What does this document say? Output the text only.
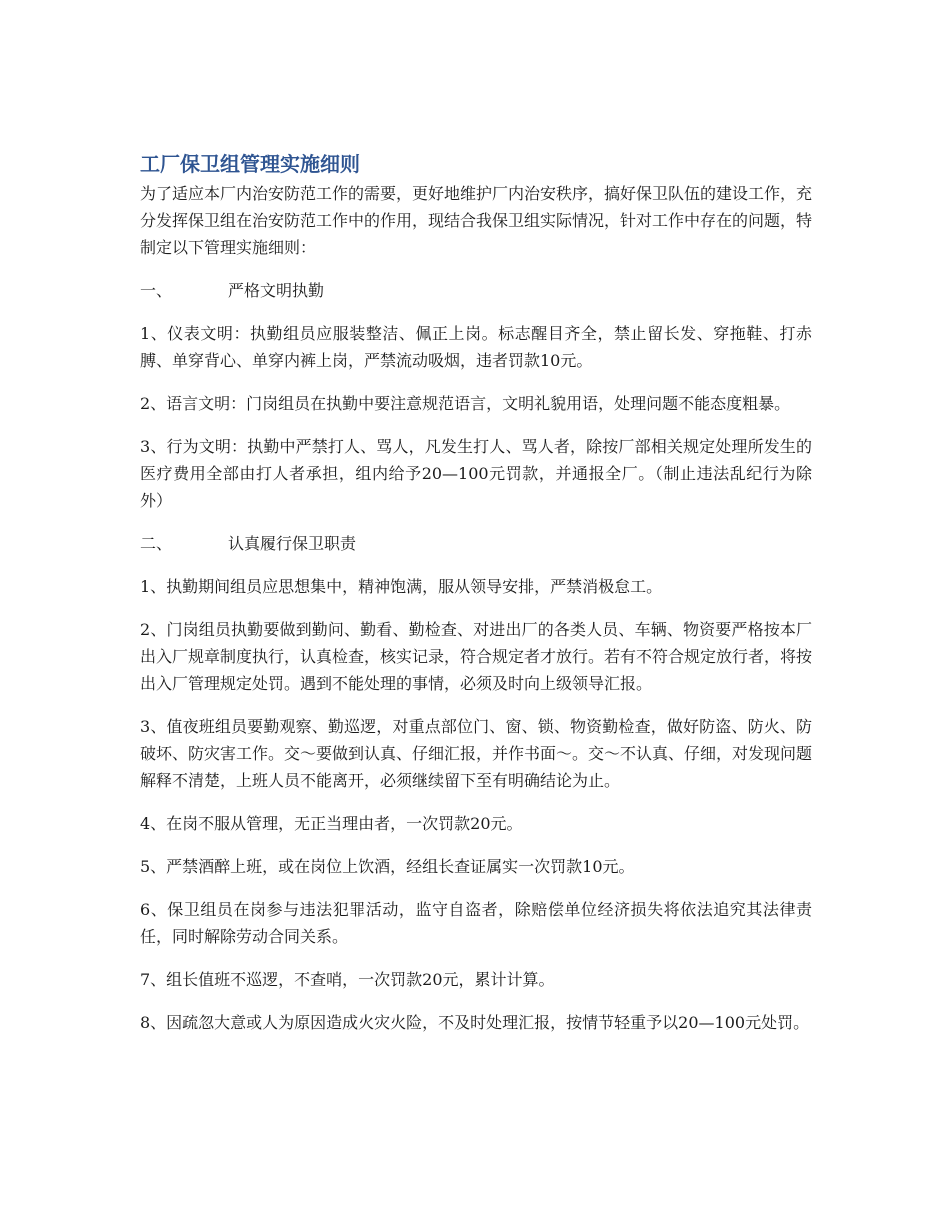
工厂保卫组管理实施细则

为了适应本厂内治安防范工作的需要，更好地维护厂内治安秩序，搞好保卫队伍的建设工作，充分发挥保卫组在治安防范工作中的作用，现结合我保卫组实际情况，针对工作中存在的问题，特制定以下管理实施细则：

一、	严格文明执勤

1、仪表文明：执勤组员应服装整洁、佩正上岗。标志醒目齐全，禁止留长发、穿拖鞋、打赤膊、单穿背心、单穿内裤上岗，严禁流动吸烟，违者罚款10元。

2、语言文明：门岗组员在执勤中要注意规范语言，文明礼貌用语，处理问题不能态度粗暴。

3、行为文明：执勤中严禁打人、骂人，凡发生打人、骂人者，除按厂部相关规定处理所发生的医疗费用全部由打人者承担，组内给予20—100元罚款，并通报全厂。（制止违法乱纪行为除外）

二、	认真履行保卫职责

1、执勤期间组员应思想集中，精神饱满，服从领导安排，严禁消极怠工。

2、门岗组员执勤要做到勤问、勤看、勤检查、对进出厂的各类人员、车辆、物资要严格按本厂出入厂规章制度执行，认真检查，核实记录，符合规定者才放行。若有不符合规定放行者，将按出入厂管理规定处罚。遇到不能处理的事情，必须及时向上级领导汇报。

3、值夜班组员要勤观察、勤巡逻，对重点部位门、窗、锁、物资勤检查，做好防盗、防火、防破坏、防灾害工作。交～要做到认真、仔细汇报，并作书面～。交～不认真、仔细，对发现问题解释不清楚，上班人员不能离开，必须继续留下至有明确结论为止。

4、在岗不服从管理，无正当理由者，一次罚款20元。

5、严禁酒醉上班，或在岗位上饮酒，经组长查证属实一次罚款10元。

6、保卫组员在岗参与违法犯罪活动，监守自盗者，除赔偿单位经济损失将依法追究其法律责任，同时解除劳动合同关系。

7、组长值班不巡逻，不查哨，一次罚款20元，累计计算。

8、因疏忽大意或人为原因造成火灾火险，不及时处理汇报，按情节轻重予以20—100元处罚。
